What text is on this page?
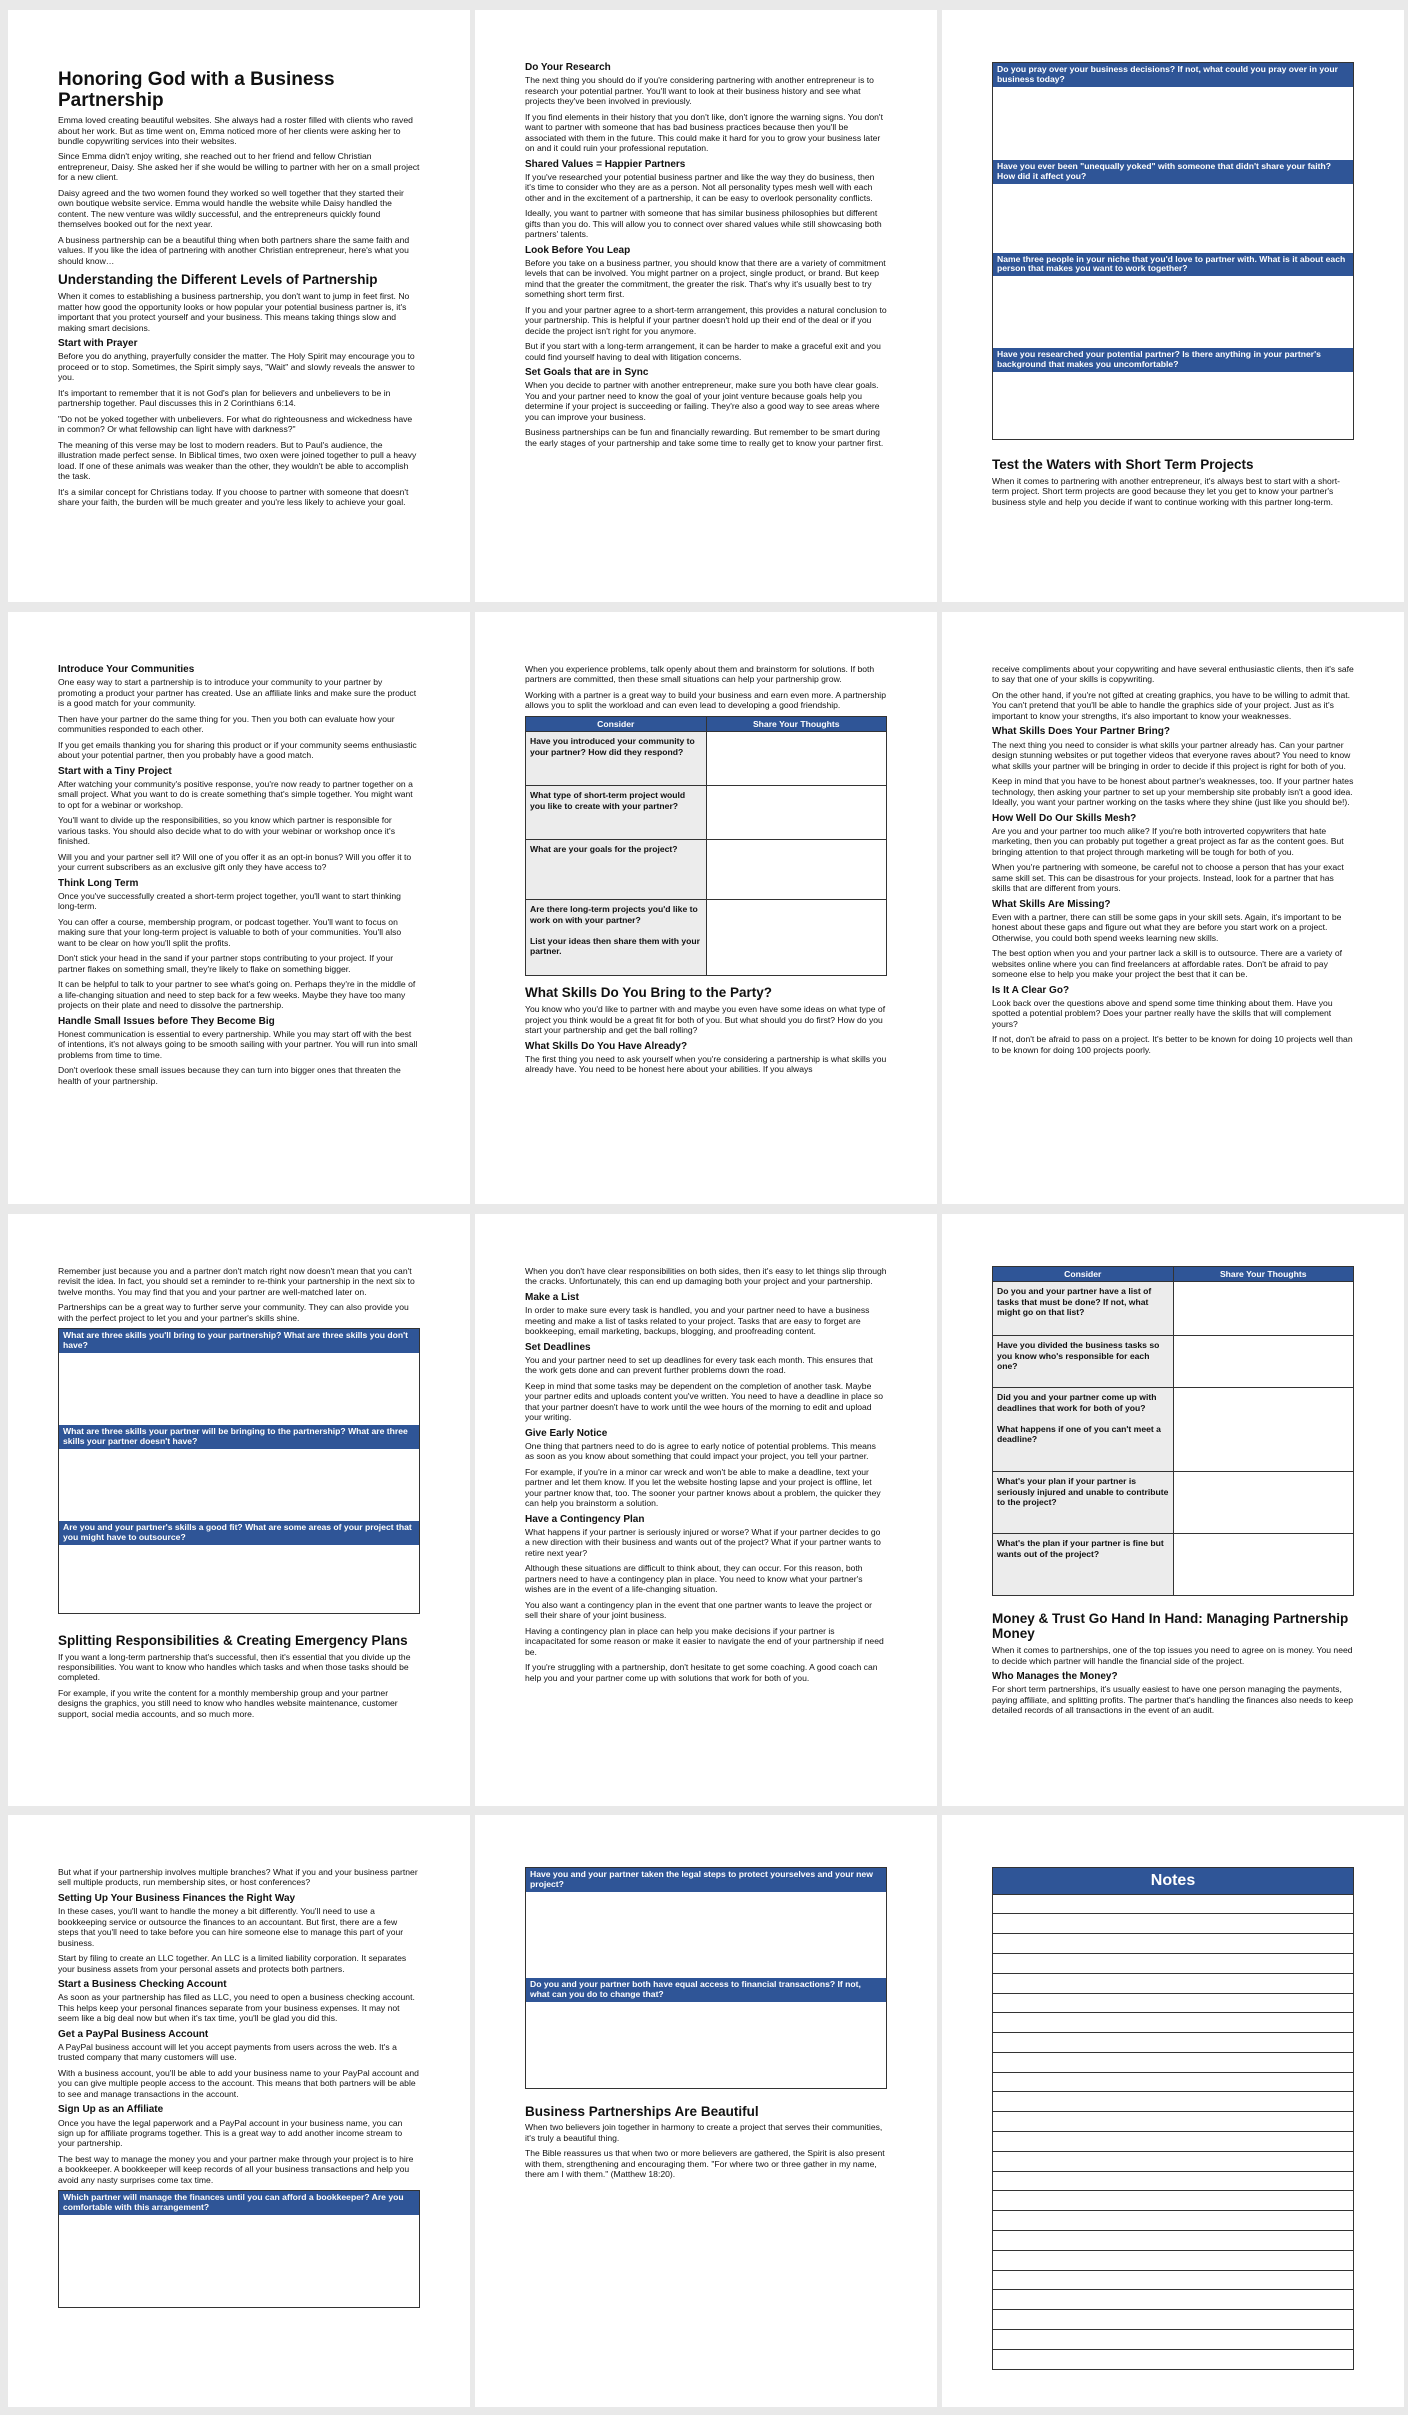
Honoring God with a Business Partnership

Emma loved creating beautiful websites. She always had a roster filled with clients who raved about her work. But as time went on, Emma noticed more of her clients were asking her to bundle copywriting services into their websites.

Since Emma didn't enjoy writing, she reached out to her friend and fellow Christian entrepreneur, Daisy. She asked her if she would be willing to partner with her on a small project for a new client.

Daisy agreed and the two women found they worked so well together that they started their own boutique website service. Emma would handle the website while Daisy handled the content. The new venture was wildly successful, and the entrepreneurs quickly found themselves booked out for the next year.

A business partnership can be a beautiful thing when both partners share the same faith and values. If you like the idea of partnering with another Christian entrepreneur, here's what you should know…

Understanding the Different Levels of Partnership

When it comes to establishing a business partnership, you don't want to jump in feet first. No matter how good the opportunity looks or how popular your potential business partner is, it's important that you protect yourself and your business. This means taking things slow and making smart decisions.

Start with Prayer

Before you do anything, prayerfully consider the matter. The Holy Spirit may encourage you to proceed or to stop. Sometimes, the Spirit simply says, "Wait" and slowly reveals the answer to you.

It's important to remember that it is not God's plan for believers and unbelievers to be in partnership together. Paul discusses this in 2 Corinthians 6:14.

"Do not be yoked together with unbelievers. For what do righteousness and wickedness have in common? Or what fellowship can light have with darkness?"

The meaning of this verse may be lost to modern readers. But to Paul's audience, the illustration made perfect sense. In Biblical times, two oxen were joined together to pull a heavy load. If one of these animals was weaker than the other, they wouldn't be able to accomplish the task.

It's a similar concept for Christians today. If you choose to partner with someone that doesn't share your faith, the burden will be much greater and you're less likely to achieve your goal.

Do Your Research

The next thing you should do if you're considering partnering with another entrepreneur is to research your potential partner. You'll want to look at their business history and see what projects they've been involved in previously.

If you find elements in their history that you don't like, don't ignore the warning signs. You don't want to partner with someone that has bad business practices because then you'll be associated with them in the future. This could make it hard for you to grow your business later on and it could ruin your professional reputation.

Shared Values = Happier Partners

If you've researched your potential business partner and like the way they do business, then it's time to consider who they are as a person. Not all personality types mesh well with each other and in the excitement of a partnership, it can be easy to overlook personality conflicts.

Ideally, you want to partner with someone that has similar business philosophies but different gifts than you do. This will allow you to connect over shared values while still showcasing both partners' talents.

Look Before You Leap

Before you take on a business partner, you should know that there are a variety of commitment levels that can be involved. You might partner on a project, single product, or brand. But keep mind that the greater the commitment, the greater the risk. That's why it's usually best to try something short term first.

If you and your partner agree to a short-term arrangement, this provides a natural conclusion to your partnership. This is helpful if your partner doesn't hold up their end of the deal or if you decide the project isn't right for you anymore.

But if you start with a long-term arrangement, it can be harder to make a graceful exit and you could find yourself having to deal with litigation concerns.

Set Goals that are in Sync

When you decide to partner with another entrepreneur, make sure you both have clear goals. You and your partner need to know the goal of your joint venture because goals help you determine if your project is succeeding or failing. They're also a good way to see areas where you can improve your business.

Business partnerships can be fun and financially rewarding. But remember to be smart during the early stages of your partnership and take some time to really get to know your partner first.

Do you pray over your business decisions? If not, what could you pray over in your business today?
Have you ever been "unequally yoked" with someone that didn't share your faith? How did it affect you?
Name three people in your niche that you'd love to partner with. What is it about each person that makes you want to work together?
Have you researched your potential partner? Is there anything in your partner's background that makes you uncomfortable?
Test the Waters with Short Term Projects

When it comes to partnering with another entrepreneur, it's always best to start with a short-term project. Short term projects are good because they let you get to know your partner's business style and help you decide if want to continue working with this partner long-term.

Introduce Your Communities

One easy way to start a partnership is to introduce your community to your partner by promoting a product your partner has created. Use an affiliate links and make sure the product is a good match for your community.

Then have your partner do the same thing for you. Then you both can evaluate how your communities responded to each other.

If you get emails thanking you for sharing this product or if your community seems enthusiastic about your potential partner, then you probably have a good match.

Start with a Tiny Project

After watching your community's positive response, you're now ready to partner together on a small project. What you want to do is create something that's simple together. You might want to opt for a webinar or workshop.

You'll want to divide up the responsibilities, so you know which partner is responsible for various tasks. You should also decide what to do with your webinar or workshop once it's finished.

Will you and your partner sell it? Will one of you offer it as an opt-in bonus? Will you offer it to your current subscribers as an exclusive gift only they have access to?

Think Long Term

Once you've successfully created a short-term project together, you'll want to start thinking long-term.

You can offer a course, membership program, or podcast together. You'll want to focus on making sure that your long-term project is valuable to both of your communities. You'll also want to be clear on how you'll split the profits.

Don't stick your head in the sand if your partner stops contributing to your project. If your partner flakes on something small, they're likely to flake on something bigger.

It can be helpful to talk to your partner to see what's going on. Perhaps they're in the middle of a life-changing situation and need to step back for a few weeks. Maybe they have too many projects on their plate and need to dissolve the partnership.

Handle Small Issues before They Become Big

Honest communication is essential to every partnership. While you may start off with the best of intentions, it's not always going to be smooth sailing with your partner. You will run into small problems from time to time.

Don't overlook these small issues because they can turn into bigger ones that threaten the health of your partnership.

When you experience problems, talk openly about them and brainstorm for solutions. If both partners are committed, then these small situations can help your partnership grow.

Working with a partner is a great way to build your business and earn even more. A partnership allows you to split the workload and can even lead to developing a good friendship.

Consider	Share Your Thoughts
Have you introduced your community to your partner? How did they respond?	
What type of short-term project would you like to create with your partner?	
What are your goals for the project?	
Are there long-term projects you'd like to work on with your partner?

List your ideas then share them with your partner.	
What Skills Do You Bring to the Party?

You know who you'd like to partner with and maybe you even have some ideas on what type of project you think would be a great fit for both of you. But what should you do first? How do you start your partnership and get the ball rolling?

What Skills Do You Have Already?

The first thing you need to ask yourself when you're considering a partnership is what skills you already have. You need to be honest here about your abilities. If you always

receive compliments about your copywriting and have several enthusiastic clients, then it's safe to say that one of your skills is copywriting.

On the other hand, if you're not gifted at creating graphics, you have to be willing to admit that. You can't pretend that you'll be able to handle the graphics side of your project. Just as it's important to know your strengths, it's also important to know your weaknesses.

What Skills Does Your Partner Bring?

The next thing you need to consider is what skills your partner already has. Can your partner design stunning websites or put together videos that everyone raves about? You need to know what skills your partner will be bringing in order to decide if this project is right for both of you.

Keep in mind that you have to be honest about partner's weaknesses, too. If your partner hates technology, then asking your partner to set up your membership site probably isn't a good idea. Ideally, you want your partner working on the tasks where they shine (just like you should be!).

How Well Do Our Skills Mesh?

Are you and your partner too much alike? If you're both introverted copywriters that hate marketing, then you can probably put together a great project as far as the content goes. But bringing attention to that project through marketing will be tough for both of you.

When you're partnering with someone, be careful not to choose a person that has your exact same skill set. This can be disastrous for your projects. Instead, look for a partner that has skills that are different from yours.

What Skills Are Missing?

Even with a partner, there can still be some gaps in your skill sets. Again, it's important to be honest about these gaps and figure out what they are before you start work on a project. Otherwise, you could both spend weeks learning new skills.

The best option when you and your partner lack a skill is to outsource. There are a variety of websites online where you can find freelancers at affordable rates. Don't be afraid to pay someone else to help you make your project the best that it can be.

Is It A Clear Go?

Look back over the questions above and spend some time thinking about them. Have you spotted a potential problem? Does your partner really have the skills that will complement yours?

If not, don't be afraid to pass on a project. It's better to be known for doing 10 projects well than to be known for doing 100 projects poorly.

Remember just because you and a partner don't match right now doesn't mean that you can't revisit the idea. In fact, you should set a reminder to re-think your partnership in the next six to twelve months. You may find that you and your partner are well-matched later on.

Partnerships can be a great way to further serve your community. They can also provide you with the perfect project to let you and your partner's skills shine.

What are three skills you'll bring to your partnership? What are three skills you don't have?
What are three skills your partner will be bringing to the partnership? What are three skills your partner doesn't have?
Are you and your partner's skills a good fit? What are some areas of your project that you might have to outsource?
Splitting Responsibilities & Creating Emergency Plans

If you want a long-term partnership that's successful, then it's essential that you divide up the responsibilities. You want to know who handles which tasks and when those tasks should be completed.

For example, if you write the content for a monthly membership group and your partner designs the graphics, you still need to know who handles website maintenance, customer support, social media accounts, and so much more.

When you don't have clear responsibilities on both sides, then it's easy to let things slip through the cracks. Unfortunately, this can end up damaging both your project and your partnership.

Make a List

In order to make sure every task is handled, you and your partner need to have a business meeting and make a list of tasks related to your project. Tasks that are easy to forget are bookkeeping, email marketing, backups, blogging, and proofreading content.

Set Deadlines

You and your partner need to set up deadlines for every task each month. This ensures that the work gets done and can prevent further problems down the road.

Keep in mind that some tasks may be dependent on the completion of another task. Maybe your partner edits and uploads content you've written. You need to have a deadline in place so that your partner doesn't have to work until the wee hours of the morning to edit and upload your writing.

Give Early Notice

One thing that partners need to do is agree to early notice of potential problems. This means as soon as you know about something that could impact your project, you tell your partner.

For example, if you're in a minor car wreck and won't be able to make a deadline, text your partner and let them know. If you let the website hosting lapse and your project is offline, let your partner know that, too. The sooner your partner knows about a problem, the quicker they can help you brainstorm a solution.

Have a Contingency Plan

What happens if your partner is seriously injured or worse? What if your partner decides to go a new direction with their business and wants out of the project? What if your partner wants to retire next year?

Although these situations are difficult to think about, they can occur. For this reason, both partners need to have a contingency plan in place. You need to know what your partner's wishes are in the event of a life-changing situation.

You also want a contingency plan in the event that one partner wants to leave the project or sell their share of your joint business.

Having a contingency plan in place can help you make decisions if your partner is incapacitated for some reason or make it easier to navigate the end of your partnership if need be.

If you're struggling with a partnership, don't hesitate to get some coaching. A good coach can help you and your partner come up with solutions that work for both of you.

Consider	Share Your Thoughts
Do you and your partner have a list of tasks that must be done? If not, what might go on that list?	
Have you divided the business tasks so you know who's responsible for each one?	
Did you and your partner come up with deadlines that work for both of you?

What happens if one of you can't meet a deadline?	
What's your plan if your partner is seriously injured and unable to contribute to the project?	
What's the plan if your partner is fine but wants out of the project?	
Money & Trust Go Hand In Hand: Managing Partnership Money

When it comes to partnerships, one of the top issues you need to agree on is money. You need to decide which partner will handle the financial side of the project.

Who Manages the Money?

For short term partnerships, it's usually easiest to have one person managing the payments, paying affiliate, and splitting profits. The partner that's handling the finances also needs to keep detailed records of all transactions in the event of an audit.

But what if your partnership involves multiple branches? What if you and your business partner sell multiple products, run membership sites, or host conferences?

Setting Up Your Business Finances the Right Way

In these cases, you'll want to handle the money a bit differently. You'll need to use a bookkeeping service or outsource the finances to an accountant. But first, there are a few steps that you'll need to take before you can hire someone else to manage this part of your business.

Start by filing to create an LLC together. An LLC is a limited liability corporation. It separates your business assets from your personal assets and protects both partners.

Start a Business Checking Account

As soon as your partnership has filed as LLC, you need to open a business checking account. This helps keep your personal finances separate from your business expenses. It may not seem like a big deal now but when it's tax time, you'll be glad you did this.

Get a PayPal Business Account

A PayPal business account will let you accept payments from users across the web. It's a trusted company that many customers will use.

With a business account, you'll be able to add your business name to your PayPal account and you can give multiple people access to the account. This means that both partners will be able to see and manage transactions in the account.

Sign Up as an Affiliate

Once you have the legal paperwork and a PayPal account in your business name, you can sign up for affiliate programs together. This is a great way to add another income stream to your partnership.

The best way to manage the money you and your partner make through your project is to hire a bookkeeper. A bookkeeper will keep records of all your business transactions and help you avoid any nasty surprises come tax time.

Which partner will manage the finances until you can afford a bookkeeper? Are you comfortable with this arrangement?
Have you and your partner taken the legal steps to protect yourselves and your new project?
Do you and your partner both have equal access to financial transactions? If not, what can you do to change that?
Business Partnerships Are Beautiful

When two believers join together in harmony to create a project that serves their communities, it's truly a beautiful thing.

The Bible reassures us that when two or more believers are gathered, the Spirit is also present with them, strengthening and encouraging them. "For where two or three gather in my name, there am I with them." (Matthew 18:20).

Notes
